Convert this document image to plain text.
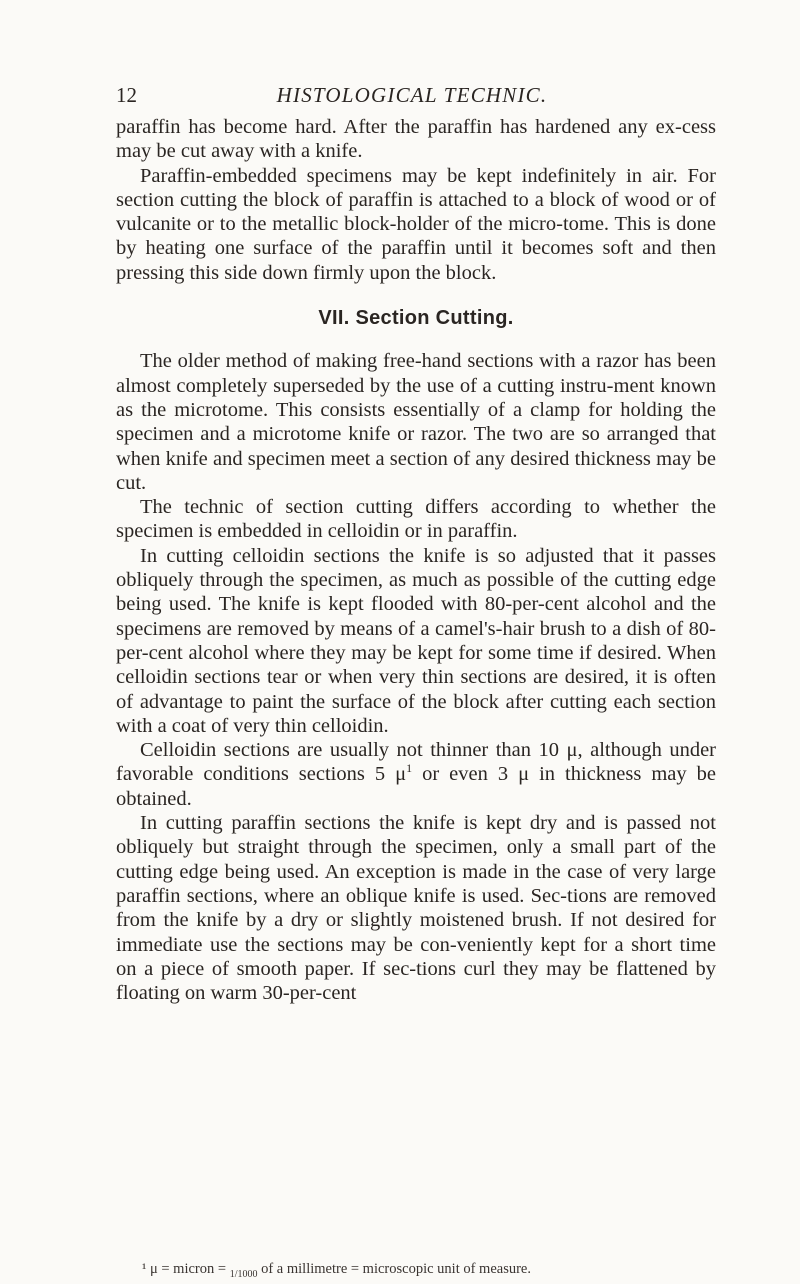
12	HISTOLOGICAL TECHNIC.

paraffin has become hard. After the paraffin has hardened any ex-cess may be cut away with a knife.

Paraffin-embedded specimens may be kept indefinitely in air. For section cutting the block of paraffin is attached to a block of wood or of vulcanite or to the metallic block-holder of the micro-tome. This is done by heating one surface of the paraffin until it becomes soft and then pressing this side down firmly upon the block.

VII. Section Cutting.

The older method of making free-hand sections with a razor has been almost completely superseded by the use of a cutting instru-ment known as the microtome. This consists essentially of a clamp for holding the specimen and a microtome knife or razor. The two are so arranged that when knife and specimen meet a section of any desired thickness may be cut.

The technic of section cutting differs according to whether the specimen is embedded in celloidin or in paraffin.

In cutting celloidin sections the knife is so adjusted that it passes obliquely through the specimen, as much as possible of the cutting edge being used. The knife is kept flooded with 80-per-cent alcohol and the specimens are removed by means of a camel's-hair brush to a dish of 80-per-cent alcohol where they may be kept for some time if desired. When celloidin sections tear or when very thin sections are desired, it is often of advantage to paint the surface of the block after cutting each section with a coat of very thin celloidin.

Celloidin sections are usually not thinner than 10 μ, although under favorable conditions sections 5 $\mu^1$ or even 3 μ in thickness may be obtained.

In cutting paraffin sections the knife is kept dry and is passed not obliquely but straight through the specimen, only a small part of the cutting edge being used. An exception is made in the case of very large paraffin sections, where an oblique knife is used. Sec-tions are removed from the knife by a dry or slightly moistened brush. If not desired for immediate use the sections may be con-veniently kept for a short time on a piece of smooth paper. If sec-tions curl they may be flattened by floating on warm 30-per-cent

¹ μ = micron = $_{1/1000}$ of a millimetre = microscopic unit of measure.
